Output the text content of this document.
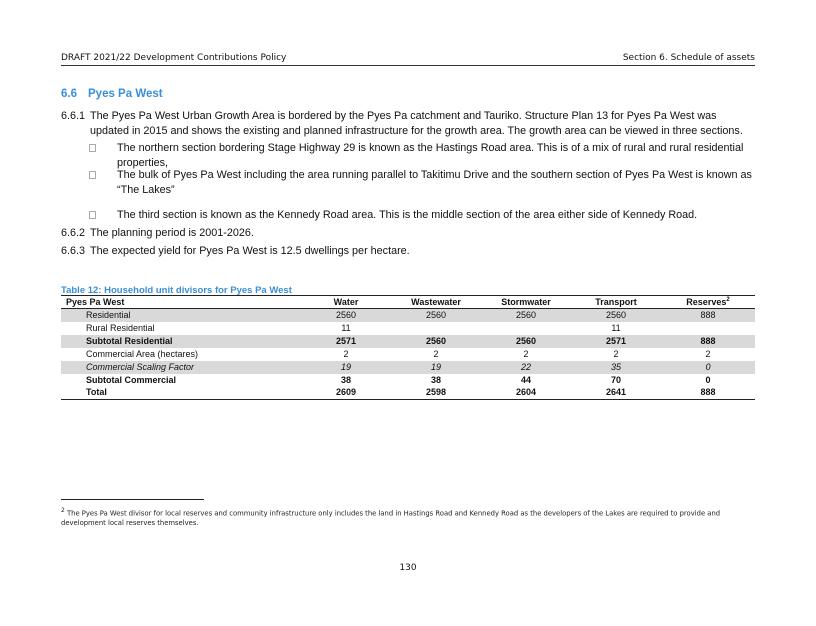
DRAFT 2021/22 Development Contributions Policy	Section 6. Schedule of assets
6.6 Pyes Pa West
6.6.1 The Pyes Pa West Urban Growth Area is bordered by the Pyes Pa catchment and Tauriko. Structure Plan 13 for Pyes Pa West was updated in 2015 and shows the existing and planned infrastructure for the growth area. The growth area can be viewed in three sections.
The northern section bordering Stage Highway 29 is known as the Hastings Road area. This is of a mix of rural and rural residential properties,
The bulk of Pyes Pa West including the area running parallel to Takitimu Drive and the southern section of Pyes Pa West is known as “The Lakes”
The third section is known as the Kennedy Road area. This is the middle section of the area either side of Kennedy Road.
6.6.2 The planning period is 2001-2026.
6.6.3 The expected yield for Pyes Pa West is 12.5 dwellings per hectare.
Table 12: Household unit divisors for Pyes Pa West
Pyes Pa West	Water	Wastewater	Stormwater	Transport	Reserves$^2$
Residential	2560	2560	2560	2560	888
Rural Residential	11			11	
Subtotal Residential	2571	2560	2560	2571	888
Commercial Area (hectares)	2	2	2	2	2
Commercial Scaling Factor	19	19	22	35	0
Subtotal Commercial	38	38	44	70	0
Total	2609	2598	2604	2641	888
$^2$ The Pyes Pa West divisor for local reserves and community infrastructure only includes the land in Hastings Road and Kennedy Road as the developers of the Lakes are required to provide and development local reserves themselves.
130
